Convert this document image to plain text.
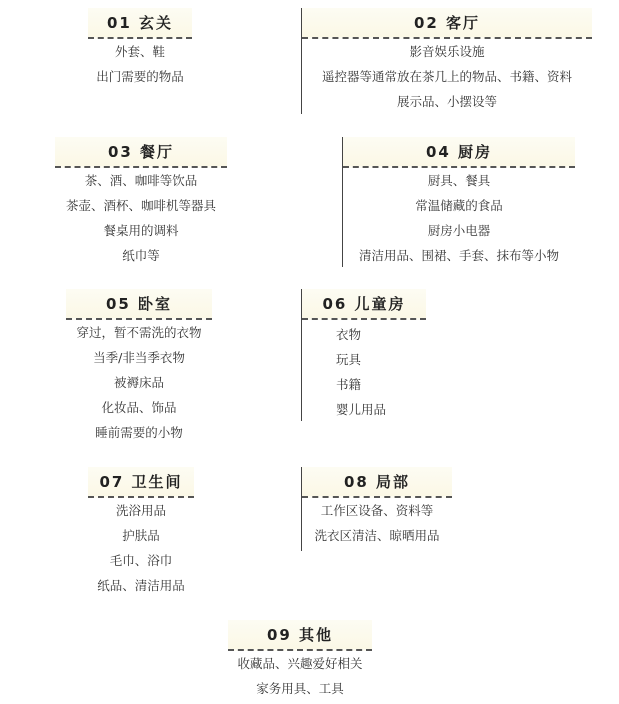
01 玄关
外套、鞋
出门需要的物品
02 客厅
影音娱乐设施
遥控器等通常放在茶几上的物品、书籍、资料
展示品、小摆设等
03 餐厅
茶、酒、咖啡等饮品
茶壶、酒杯、咖啡机等器具
餐桌用的调料
纸巾等
04 厨房
厨具、餐具
常温储藏的食品
厨房小电器
清洁用品、围裙、手套、抹布等小物
05 卧室
穿过，暂不需洗的衣物
当季/非当季衣物
被褥床品
化妆品、饰品
睡前需要的小物
06 儿童房
衣物
玩具
书籍
婴儿用品
07 卫生间
洗浴用品
护肤品
毛巾、浴巾
纸品、清洁用品
08 局部
工作区设备、资料等
洗衣区清洁、晾晒用品
09 其他
收藏品、兴趣爱好相关
家务用具、工具
